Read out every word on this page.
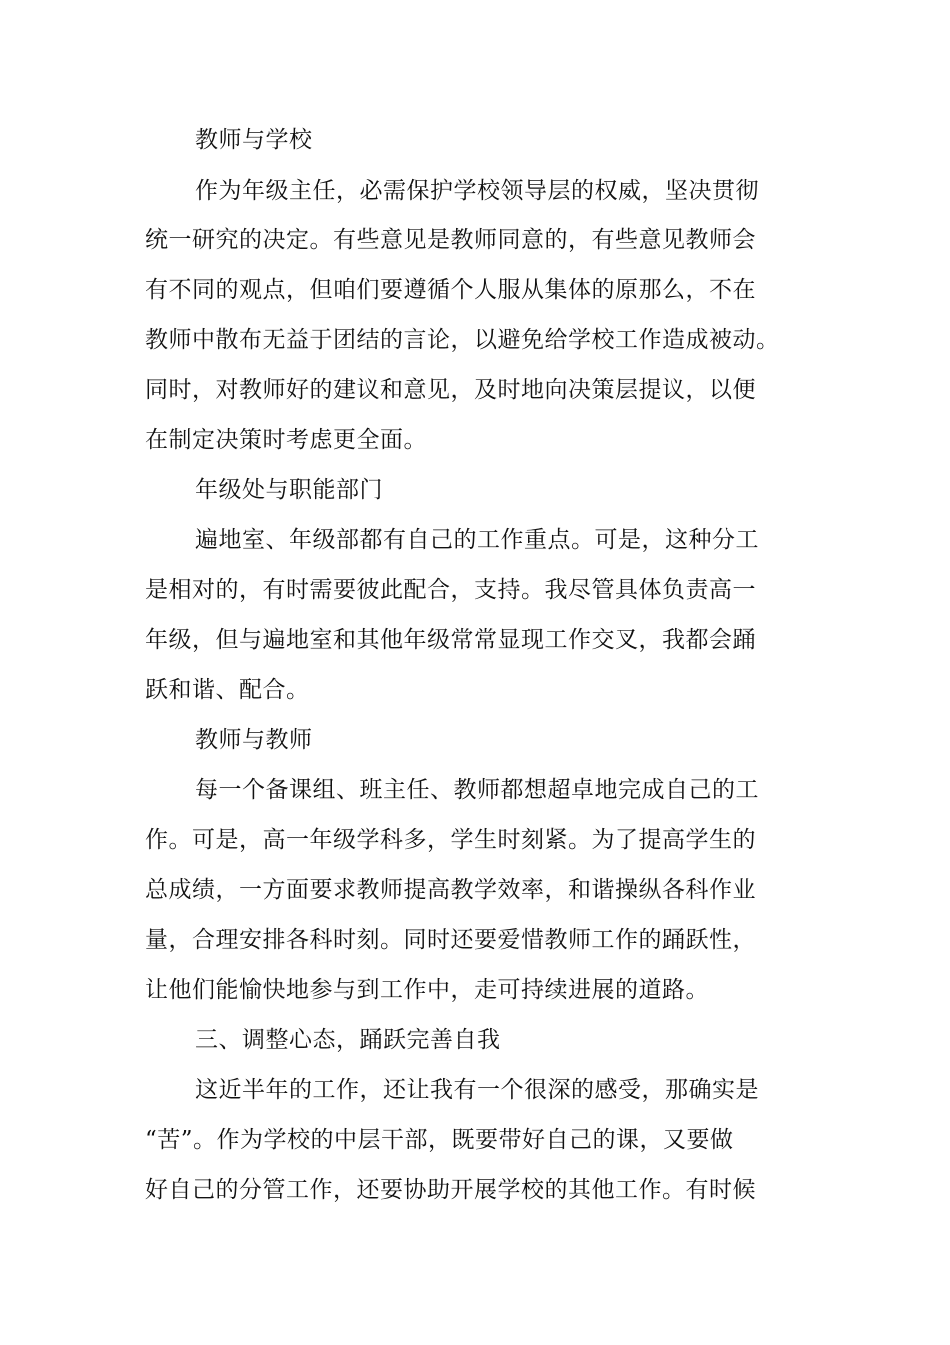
教师与学校
作为年级主任，必需保护学校领导层的权威，坚决贯彻
统一研究的决定。有些意见是教师同意的，有些意见教师会
有不同的观点，但咱们要遵循个人服从集体的原那么，不在
教师中散布无益于团结的言论，以避免给学校工作造成被动。
同时，对教师好的建议和意见，及时地向决策层提议，以便
在制定决策时考虑更全面。
年级处与职能部门
遍地室、年级部都有自己的工作重点。可是，这种分工
是相对的，有时需要彼此配合，支持。我尽管具体负责高一
年级，但与遍地室和其他年级常常显现工作交叉，我都会踊
跃和谐、配合。
教师与教师
每一个备课组、班主任、教师都想超卓地完成自己的工
作。可是，高一年级学科多，学生时刻紧。为了提高学生的
总成绩，一方面要求教师提高教学效率，和谐操纵各科作业
量，合理安排各科时刻。同时还要爱惜教师工作的踊跃性，
让他们能愉快地参与到工作中，走可持续进展的道路。
三、调整心态，踊跃完善自我
这近半年的工作，还让我有一个很深的感受，那确实是
“苦”。作为学校的中层干部，既要带好自己的课，又要做
好自己的分管工作，还要协助开展学校的其他工作。有时候
